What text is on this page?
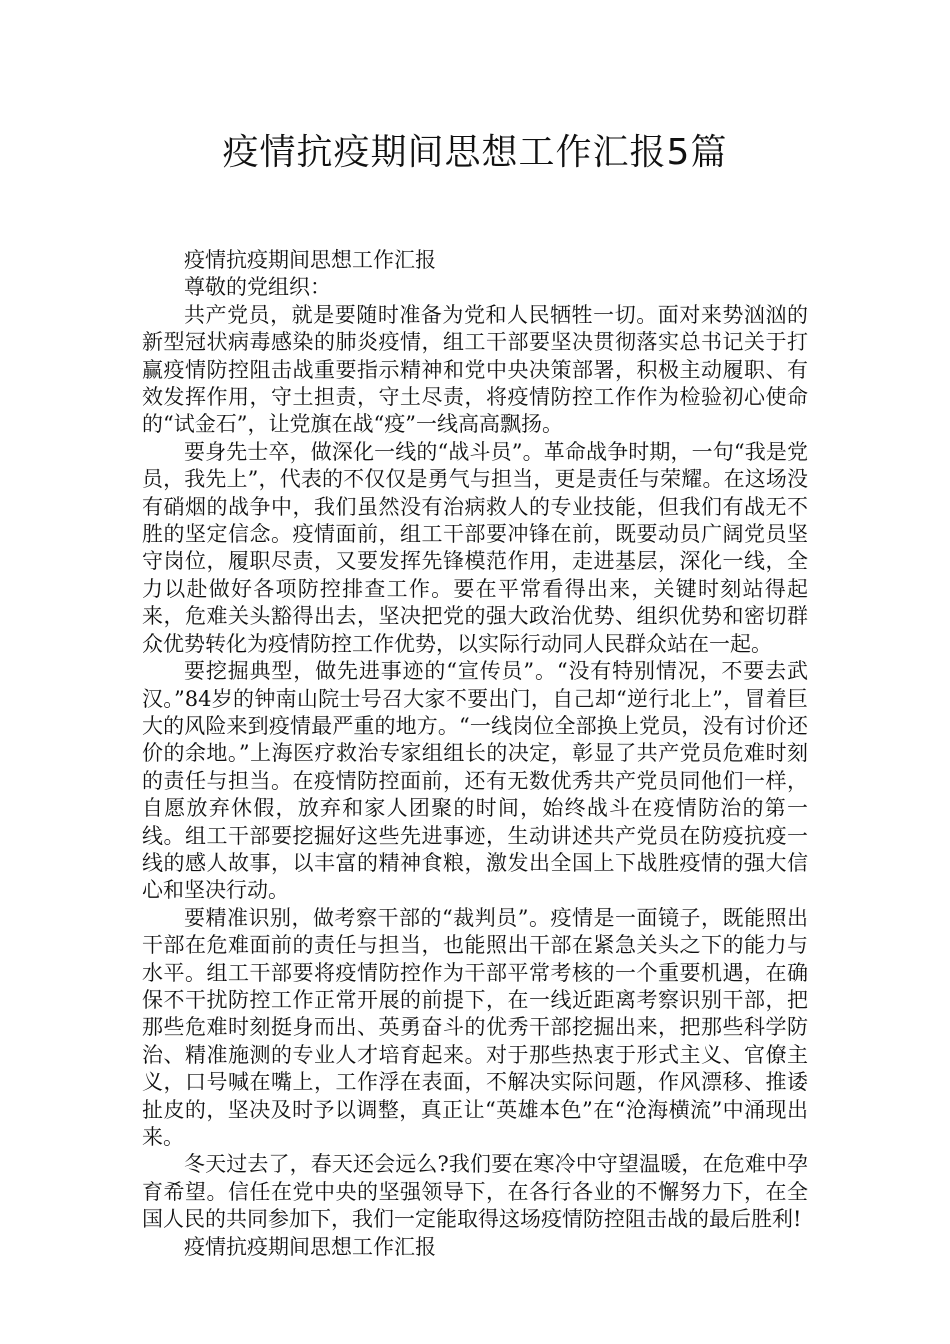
疫情抗疫期间思想工作汇报5篇

疫情抗疫期间思想工作汇报

尊敬的党组织：

共产党员，就是要随时准备为党和人民牺牲一切。面对来势汹汹的新型冠状病毒感染的肺炎疫情，组工干部要坚决贯彻落实总书记关于打赢疫情防控阻击战重要指示精神和党中央决策部署，积极主动履职、有效发挥作用，守土担责，守土尽责，将疫情防控工作作为检验初心使命的“试金石”，让党旗在战“疫”一线高高飘扬。

要身先士卒，做深化一线的“战斗员”。革命战争时期，一句“我是党员，我先上”，代表的不仅仅是勇气与担当，更是责任与荣耀。在这场没有硝烟的战争中，我们虽然没有治病救人的专业技能，但我们有战无不胜的坚定信念。疫情面前，组工干部要冲锋在前，既要动员广阔党员坚守岗位，履职尽责，又要发挥先锋模范作用，走进基层，深化一线，全力以赴做好各项防控排查工作。要在平常看得出来，关键时刻站得起来，危难关头豁得出去，坚决把党的强大政治优势、组织优势和密切群众优势转化为疫情防控工作优势，以实际行动同人民群众站在一起。

要挖掘典型，做先进事迹的“宣传员”。“没有特别情况，不要去武汉。”84岁的钟南山院士号召大家不要出门，自己却“逆行北上”，冒着巨大的风险来到疫情最严重的地方。“一线岗位全部换上党员，没有讨价还价的余地。”上海医疗救治专家组组长的决定，彰显了共产党员危难时刻的责任与担当。在疫情防控面前，还有无数优秀共产党员同他们一样，自愿放弃休假，放弃和家人团聚的时间，始终战斗在疫情防治的第一线。组工干部要挖掘好这些先进事迹，生动讲述共产党员在防疫抗疫一线的感人故事，以丰富的精神食粮，激发出全国上下战胜疫情的强大信心和坚决行动。

要精准识别，做考察干部的“裁判员”。疫情是一面镜子，既能照出干部在危难面前的责任与担当，也能照出干部在紧急关头之下的能力与水平。组工干部要将疫情防控作为干部平常考核的一个重要机遇，在确保不干扰防控工作正常开展的前提下，在一线近距离考察识别干部，把那些危难时刻挺身而出、英勇奋斗的优秀干部挖掘出来，把那些科学防治、精准施测的专业人才培育起来。对于那些热衷于形式主义、官僚主义，口号喊在嘴上，工作浮在表面，不解决实际问题，作风漂移、推诿扯皮的，坚决及时予以调整，真正让“英雄本色”在“沧海横流”中涌现出来。

冬天过去了，春天还会远么?我们要在寒冷中守望温暖，在危难中孕育希望。信任在党中央的坚强领导下，在各行各业的不懈努力下，在全国人民的共同参加下，我们一定能取得这场疫情防控阻击战的最后胜利!

疫情抗疫期间思想工作汇报
